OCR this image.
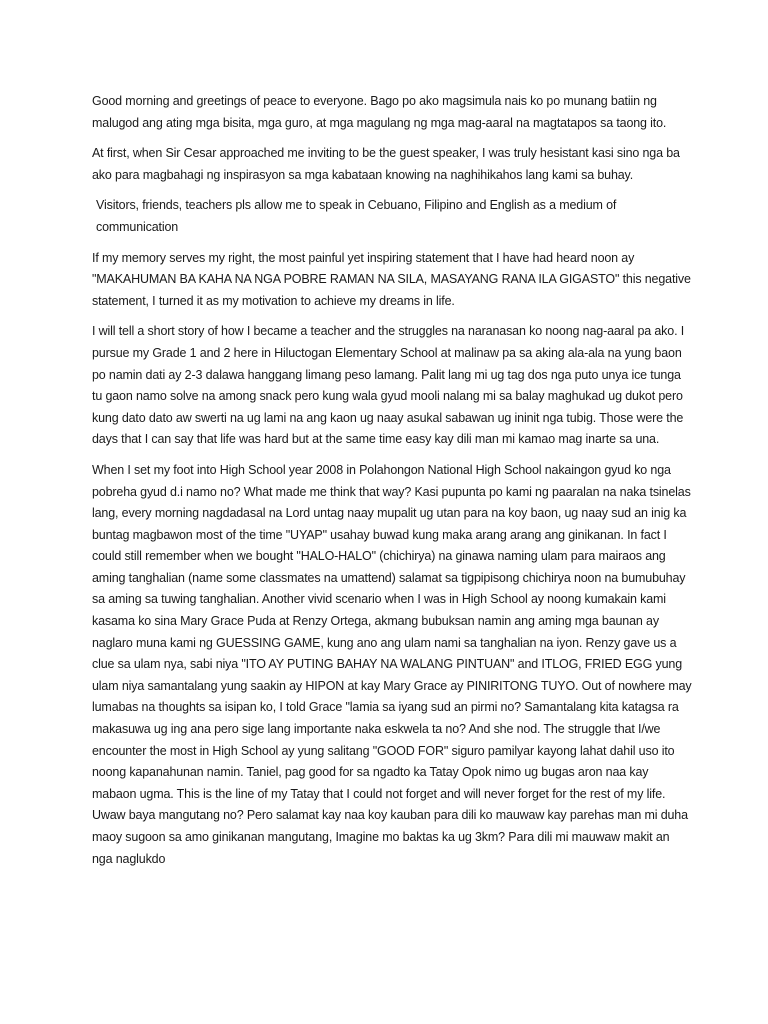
Good morning and greetings of peace to everyone. Bago po ako magsimula nais ko po munang batiin ng malugod ang ating mga bisita, mga guro, at mga magulang ng mga mag-aaral na magtatapos sa taong ito.

At first, when Sir Cesar approached me inviting to be the guest speaker, I was truly hesistant kasi sino nga ba ako para magbahagi ng inspirasyon sa mga kabataan knowing na naghihikahos lang kami sa buhay.

Visitors, friends, teachers pls allow me to speak in Cebuano, Filipino and English as a medium of communication

If my memory serves my right, the most painful yet inspiring statement that I have had heard noon ay "MAKAHUMAN BA KAHA NA NGA POBRE RAMAN NA SILA, MASAYANG RANA ILA GIGASTO" this negative statement, I turned it as my motivation to achieve my dreams in life.

I will tell a short story of how I became a teacher and the struggles na naranasan ko noong nag-aaral pa ako. I pursue my Grade 1 and 2 here in Hiluctogan Elementary School at malinaw pa sa aking ala-ala na yung baon po namin dati ay 2-3 dalawa hanggang limang peso lamang. Palit lang mi ug tag dos nga puto unya ice tunga tu gaon namo solve na among snack pero kung wala gyud mooli nalang mi sa balay maghukad ug dukot pero kung dato dato aw swerti na ug lami na ang kaon ug naay asukal sabawan ug ininit nga tubig. Those were the days that I can say that life was hard but at the same time easy kay dili man mi kamao mag inarte sa una.

When I set my foot into High School year 2008 in Polahongon National High School nakaingon gyud ko nga pobreha gyud d.i namo no? What made me think that way? Kasi pupunta po kami ng paaralan na naka tsinelas lang, every morning nagdadasal na Lord untag naay mupalit ug utan para na koy baon, ug naay sud an inig ka buntag magbawon most of the time "UYAP" usahay buwad kung maka arang arang ang ginikanan. In fact I could still remember when we bought "HALO-HALO" (chichirya) na ginawa naming ulam para mairaos ang aming tanghalian (name some classmates na umattend) salamat sa tigpipisong chichirya noon na bumubuhay sa aming sa tuwing tanghalian. Another vivid scenario when I was in High School ay noong kumakain kami kasama ko sina Mary Grace Puda at Renzy Ortega, akmang bubuksan namin ang aming mga baunan ay naglaro muna kami ng GUESSING GAME, kung ano ang ulam nami sa tanghalian na iyon. Renzy gave us a clue sa ulam nya, sabi niya "ITO AY PUTING BAHAY NA WALANG PINTUAN" and ITLOG, FRIED EGG yung ulam niya samantalang yung saakin ay HIPON at kay Mary Grace ay PINIRITONG TUYO. Out of nowhere may lumabas na thoughts sa isipan ko, I told Grace "lamia sa iyang sud an pirmi no? Samantalang kita katagsa ra makasuwa ug ing ana pero sige lang importante naka eskwela ta no? And she nod. The struggle that I/we encounter the most in High School ay yung salitang "GOOD FOR" siguro pamilyar kayong lahat dahil uso ito noong kapanahunan namin. Taniel, pag good for sa ngadto ka Tatay Opok nimo ug bugas aron naa kay mabaon ugma. This is the line of my Tatay that I could not forget and will never forget for the rest of my life. Uwaw baya mangutang no? Pero salamat kay naa koy kauban para dili ko mauwaw kay parehas man mi duha maoy sugoon sa amo ginikanan mangutang, Imagine mo baktas ka ug 3km? Para dili mi mauwaw makit an nga naglukdo
